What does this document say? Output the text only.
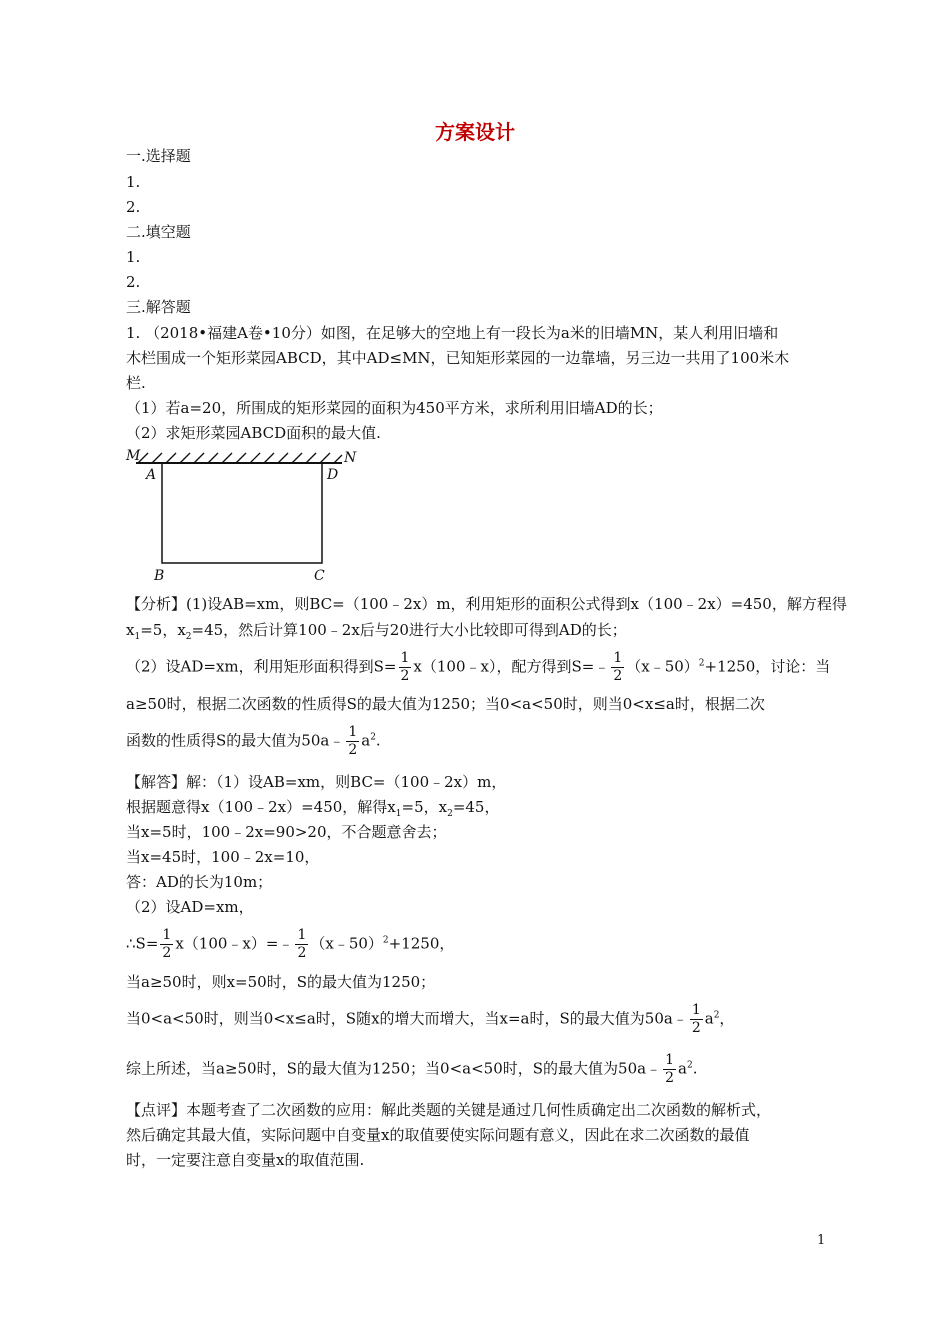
方案设计
一.选择题
1.
2.
二.填空题
1.
2.
三.解答题
1. （2018•福建A卷•10分）如图，在足够大的空地上有一段长为a米的旧墙MN，某人利用旧墙和
木栏围成一个矩形菜园ABCD，其中AD≤MN，已知矩形菜园的一边靠墙，另三边一共用了100米木
栏.
（1）若a=20，所围成的矩形菜园的面积为450平方米，求所利用旧墙AD的长；
（2）求矩形菜园ABCD面积的最大值.
M	N
A	D
B	C
【分析】(1)设AB=xm，则BC=（100﹣2x）m，利用矩形的面积公式得到x（100﹣2x）=450，解方程得
$x_1=5$，$x_2=45$，然后计算100﹣2x后与20进行大小比较即可得到AD的长；
（2）设AD=xm，利用矩形面积得到$S= \frac{1}{2}$ x（100﹣x），配方得到S=﹣ $\frac{1}{2}$ （x﹣50）$^2$+1250，讨论：当
a≥50时，根据二次函数的性质得S的最大值为1250；当0<a<50时，则当0<x≤a时，根据二次
函数的性质得S的最大值为50a﹣ $\frac{1}{2} a^2$.
【解答】解：（1）设AB=xm，则BC=（100﹣2x）m，
根据题意得x（100﹣2x）=450，解得$x_1=5$，$x_2=45$，
当x=5时，100﹣2x=90>20，不合题意舍去；
当x=45时，100﹣2x=10，
答：AD的长为10m；
（2）设AD=xm，
∴S= $\frac{1}{2}$ x（100﹣x）=﹣ $\frac{1}{2}$ （x﹣50）$^2$+1250，
当a≥50时，则x=50时，S的最大值为1250；
当0<a<50时，则当0<x≤a时，S随x的增大而增大，当x=a时，S的最大值为50a﹣ $\frac{1}{2} a^2$，
综上所述，当a≥50时，S的最大值为1250；当0<a<50时，S的最大值为50a﹣ $\frac{1}{2} a^2$.
【点评】本题考查了二次函数的应用：解此类题的关键是通过几何性质确定出二次函数的解析式，
然后确定其最大值，实际问题中自变量x的取值要使实际问题有意义，因此在求二次函数的最值
时，一定要注意自变量x的取值范围.
1
